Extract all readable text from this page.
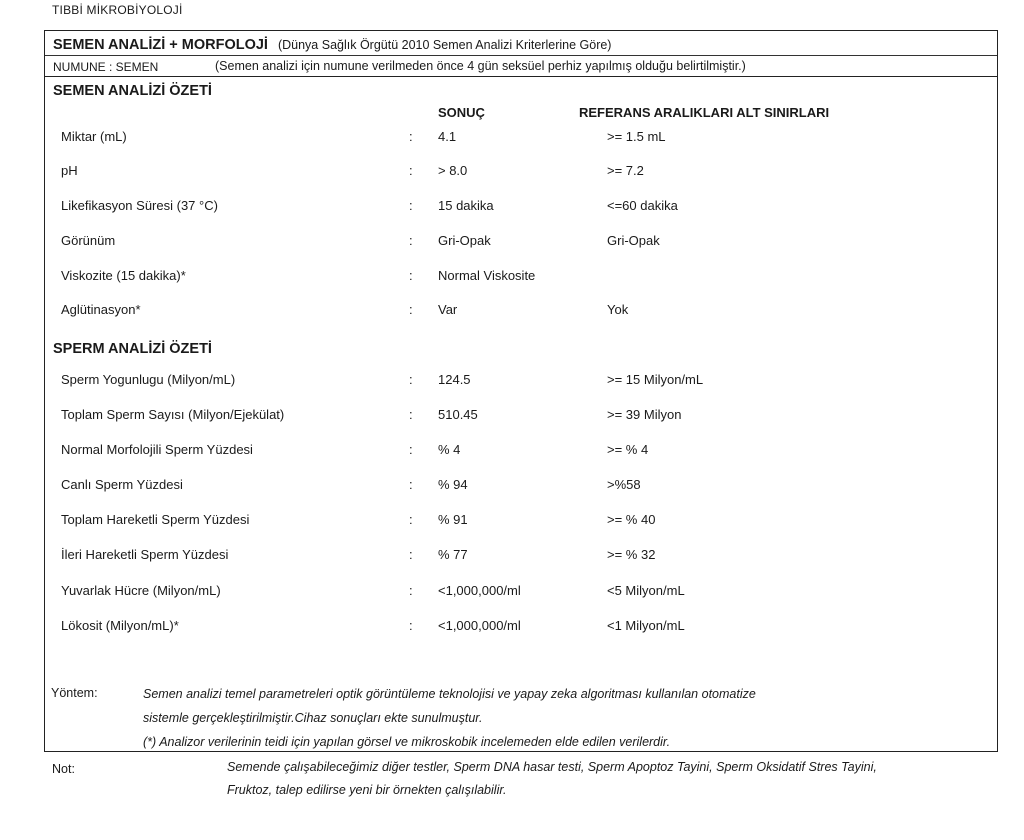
TIBBİ MİKROBİYOLOJİ
SEMEN ANALİZİ + MORFOLOJİ (Dünya Sağlık Örgütü 2010 Semen Analizi Kriterlerine Göre)
NUMUNE : SEMEN	(Semen analizi için numune verilmeden önce 4 gün seksüel perhiz yapılmış olduğu belirtilmiştir.)
SEMEN ANALİZİ ÖZETİ
SONUÇ	REFERANS ARALIKLARI ALT SINIRLARI
Miktar (mL)	: 4.1	>= 1.5 mL
pH	: > 8.0	>= 7.2
Likefikasyon Süresi (37 °C)	: 15 dakika	<=60 dakika
Görünüm	: Gri-Opak	Gri-Opak
Viskozite (15 dakika)*	: Normal Viskosite
Aglütinasyon*	: Var	Yok
SPERM ANALİZİ ÖZETİ
Sperm Yogunlugu (Milyon/mL)	: 124.5	>= 15 Milyon/mL
Toplam Sperm Sayısı (Milyon/Ejekülat)	: 510.45	>= 39 Milyon
Normal Morfolojili Sperm Yüzdesi	: % 4	>= % 4
Canlı Sperm Yüzdesi	: % 94	>%58
Toplam Hareketli Sperm Yüzdesi	: % 91	>= % 40
İleri Hareketli Sperm Yüzdesi	: % 77	>= % 32
Yuvarlak Hücre (Milyon/mL)	: <1,000,000/ml	<5 Milyon/mL
Lökosit (Milyon/mL)*	: <1,000,000/ml	<1 Milyon/mL
Yöntem:	Semen analizi temel parametreleri optik görüntüleme teknolojisi ve yapay zeka algoritması kullanılan otomatize
sistemle gerçekleştirilmiştir.Cihaz sonuçları ekte sunulmuştur.
(*) Analizor verilerinin teidi için yapılan görsel ve mikroskobik incelemeden elde edilen verilerdir.
Not:	Semende çalışabileceğimiz diğer testler, Sperm DNA hasar testi, Sperm Apoptoz Tayini, Sperm Oksidatif Stres Tayini,
Fruktoz, talep edilirse yeni bir örnekten çalışılabilir.
